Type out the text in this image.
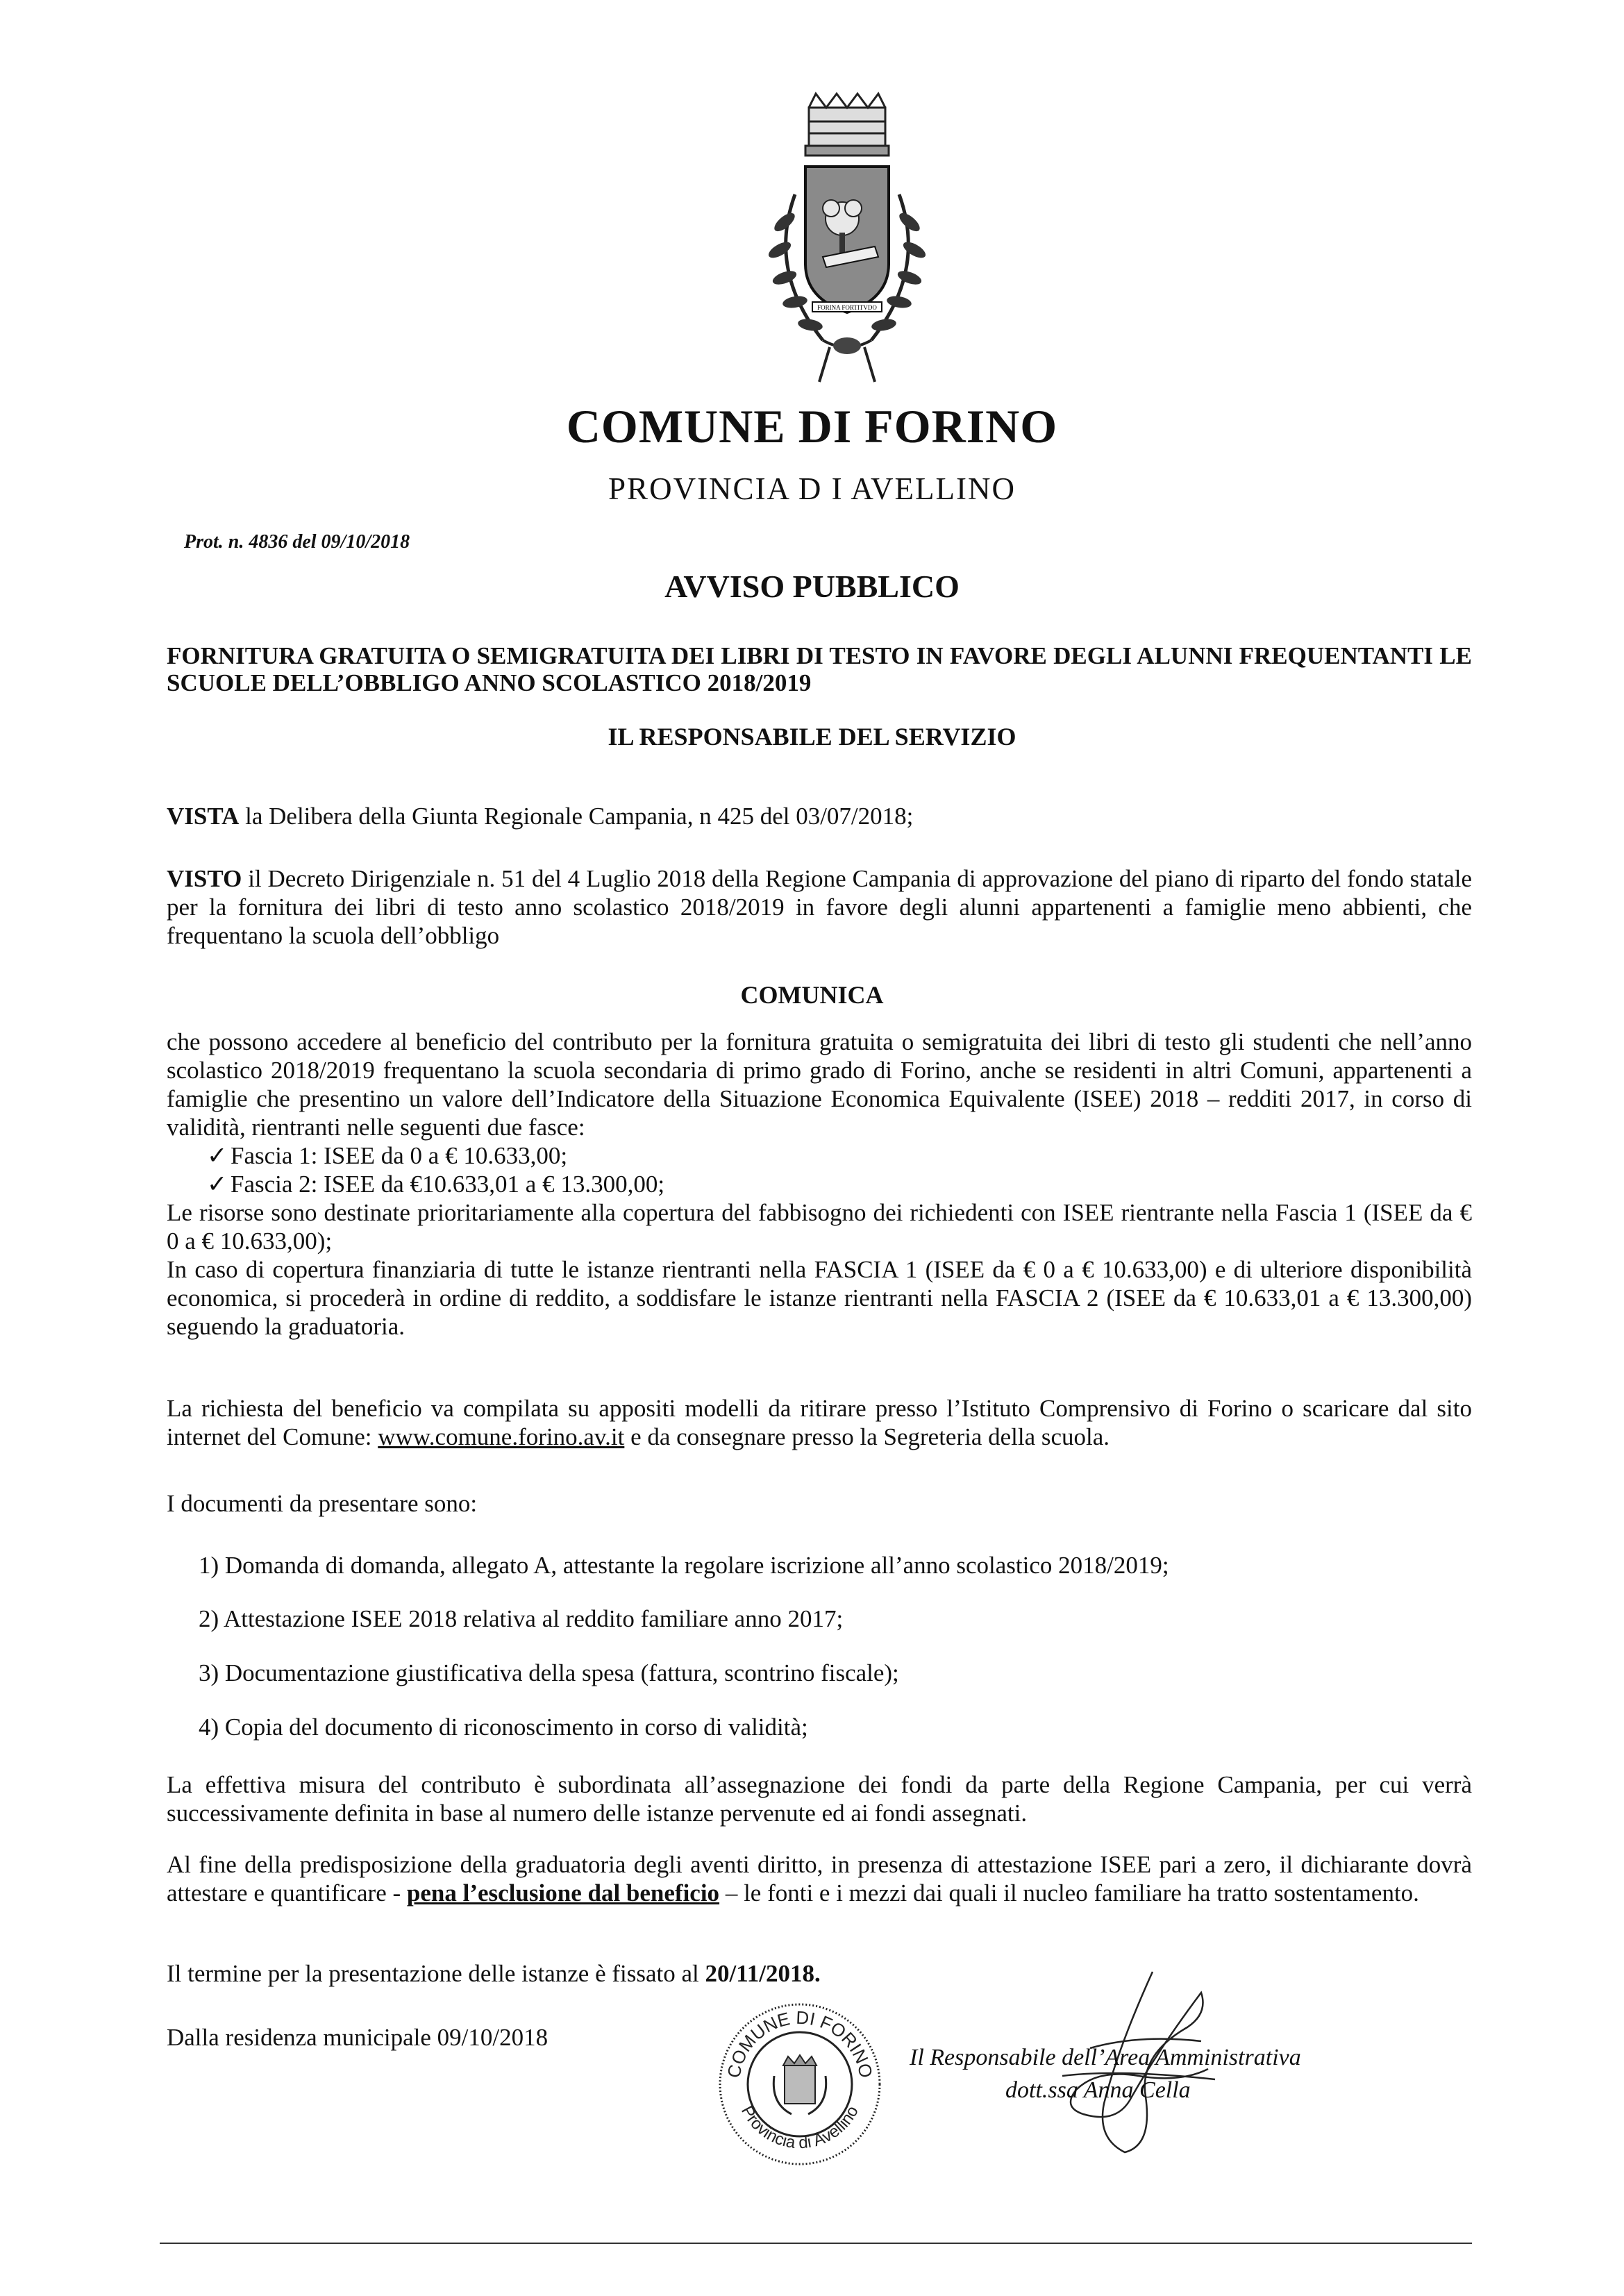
FORINA FORTITVDO
COMUNE DI FORINO
PROVINCIA D I AVELLINO
Prot. n. 4836 del 09/10/2018
AVVISO PUBBLICO
FORNITURA GRATUITA O SEMIGRATUITA DEI LIBRI DI TESTO IN FAVORE DEGLI ALUNNI FREQUENTANTI LE SCUOLE DELL’OBBLIGO ANNO SCOLASTICO 2018/2019
IL RESPONSABILE DEL SERVIZIO
VISTA la Delibera della Giunta Regionale Campania, n 425 del 03/07/2018;
VISTO il Decreto Dirigenziale n. 51 del 4 Luglio 2018 della Regione Campania di approvazione del piano di riparto del fondo statale per la fornitura dei libri di testo anno scolastico 2018/2019 in favore degli alunni appartenenti a famiglie meno abbienti, che frequentano la scuola dell’obbligo
COMUNICA
che possono accedere al beneficio del contributo per la fornitura gratuita o semigratuita dei libri di testo gli studenti che nell’anno scolastico 2018/2019 frequentano la scuola secondaria di primo grado di Forino, anche se residenti in altri Comuni, appartenenti a famiglie che presentino un valore dell’Indicatore della Situazione Economica Equivalente (ISEE) 2018 – redditi 2017, in corso di validità, rientranti nelle seguenti due fasce:
✓ Fascia 1: ISEE da 0 a € 10.633,00;
✓ Fascia 2: ISEE da €10.633,01 a € 13.300,00;
Le risorse sono destinate prioritariamente alla copertura del fabbisogno dei richiedenti con ISEE rientrante nella Fascia 1 (ISEE da € 0 a € 10.633,00);
In caso di copertura finanziaria di tutte le istanze rientranti nella FASCIA 1 (ISEE da € 0 a € 10.633,00) e di ulteriore disponibilità economica, si procederà in ordine di reddito, a soddisfare le istanze rientranti nella FASCIA 2 (ISEE da € 10.633,01 a € 13.300,00) seguendo la graduatoria.
La richiesta del beneficio va compilata su appositi modelli da ritirare presso l’Istituto Comprensivo di Forino o scaricare dal sito internet del Comune: www.comune.forino.av.it e da consegnare presso la Segreteria della scuola.
I documenti da presentare sono:
1) Domanda di domanda, allegato A, attestante la regolare iscrizione all’anno scolastico 2018/2019;
2) Attestazione ISEE 2018 relativa al reddito familiare anno 2017;
3) Documentazione giustificativa della spesa (fattura, scontrino fiscale);
4) Copia del documento di riconoscimento in corso di validità;
La effettiva misura del contributo è subordinata all’assegnazione dei fondi da parte della Regione Campania, per cui verrà successivamente definita in base al numero delle istanze pervenute ed ai fondi assegnati.
Al fine della predisposizione della graduatoria degli aventi diritto, in presenza di attestazione ISEE pari a zero, il dichiarante dovrà attestare e quantificare - pena l’esclusione dal beneficio – le fonti e i mezzi dai quali il nucleo familiare ha tratto sostentamento.
Il termine per la presentazione delle istanze è fissato al 20/11/2018.
Dalla residenza municipale 09/10/2018
COMUNE DI FORINO
Provincia di Avellino
Il Responsabile dell’Area Amministrativa
dott.ssa Anna Cella
